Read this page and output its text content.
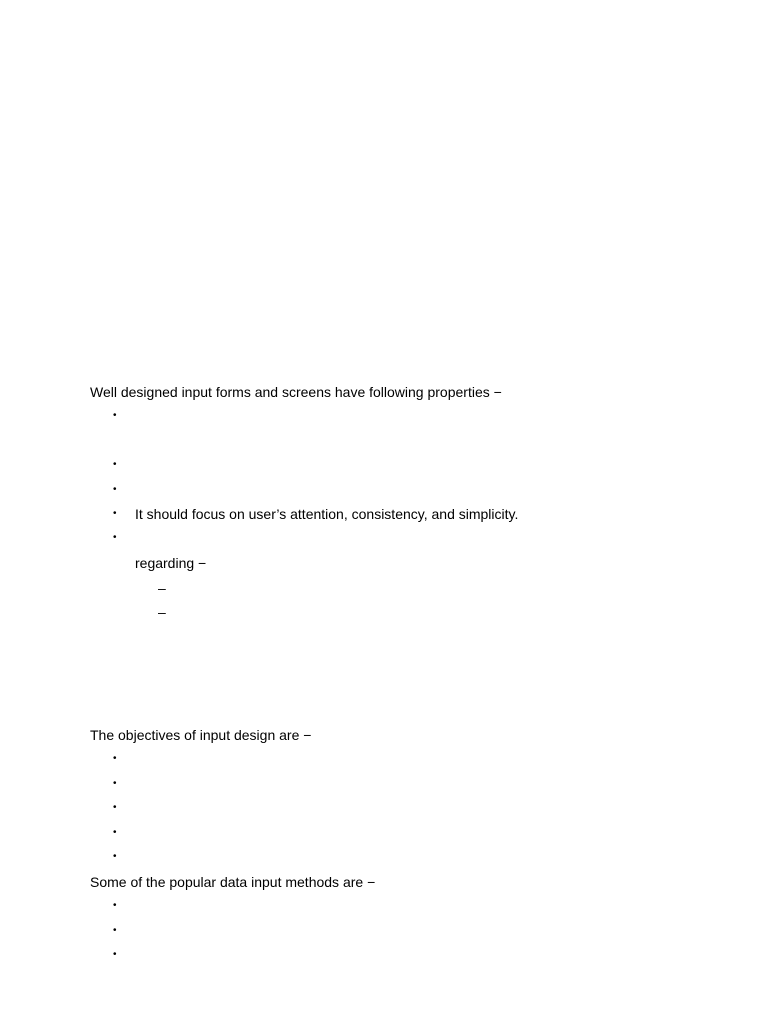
Well designed input forms and screens have following properties −
•
•
•
• It should focus on user’s attention, consistency, and simplicity.
•
regarding −
–
–
The objectives of input design are −
•
•
•
•
•
Some of the popular data input methods are −
•
•
•
